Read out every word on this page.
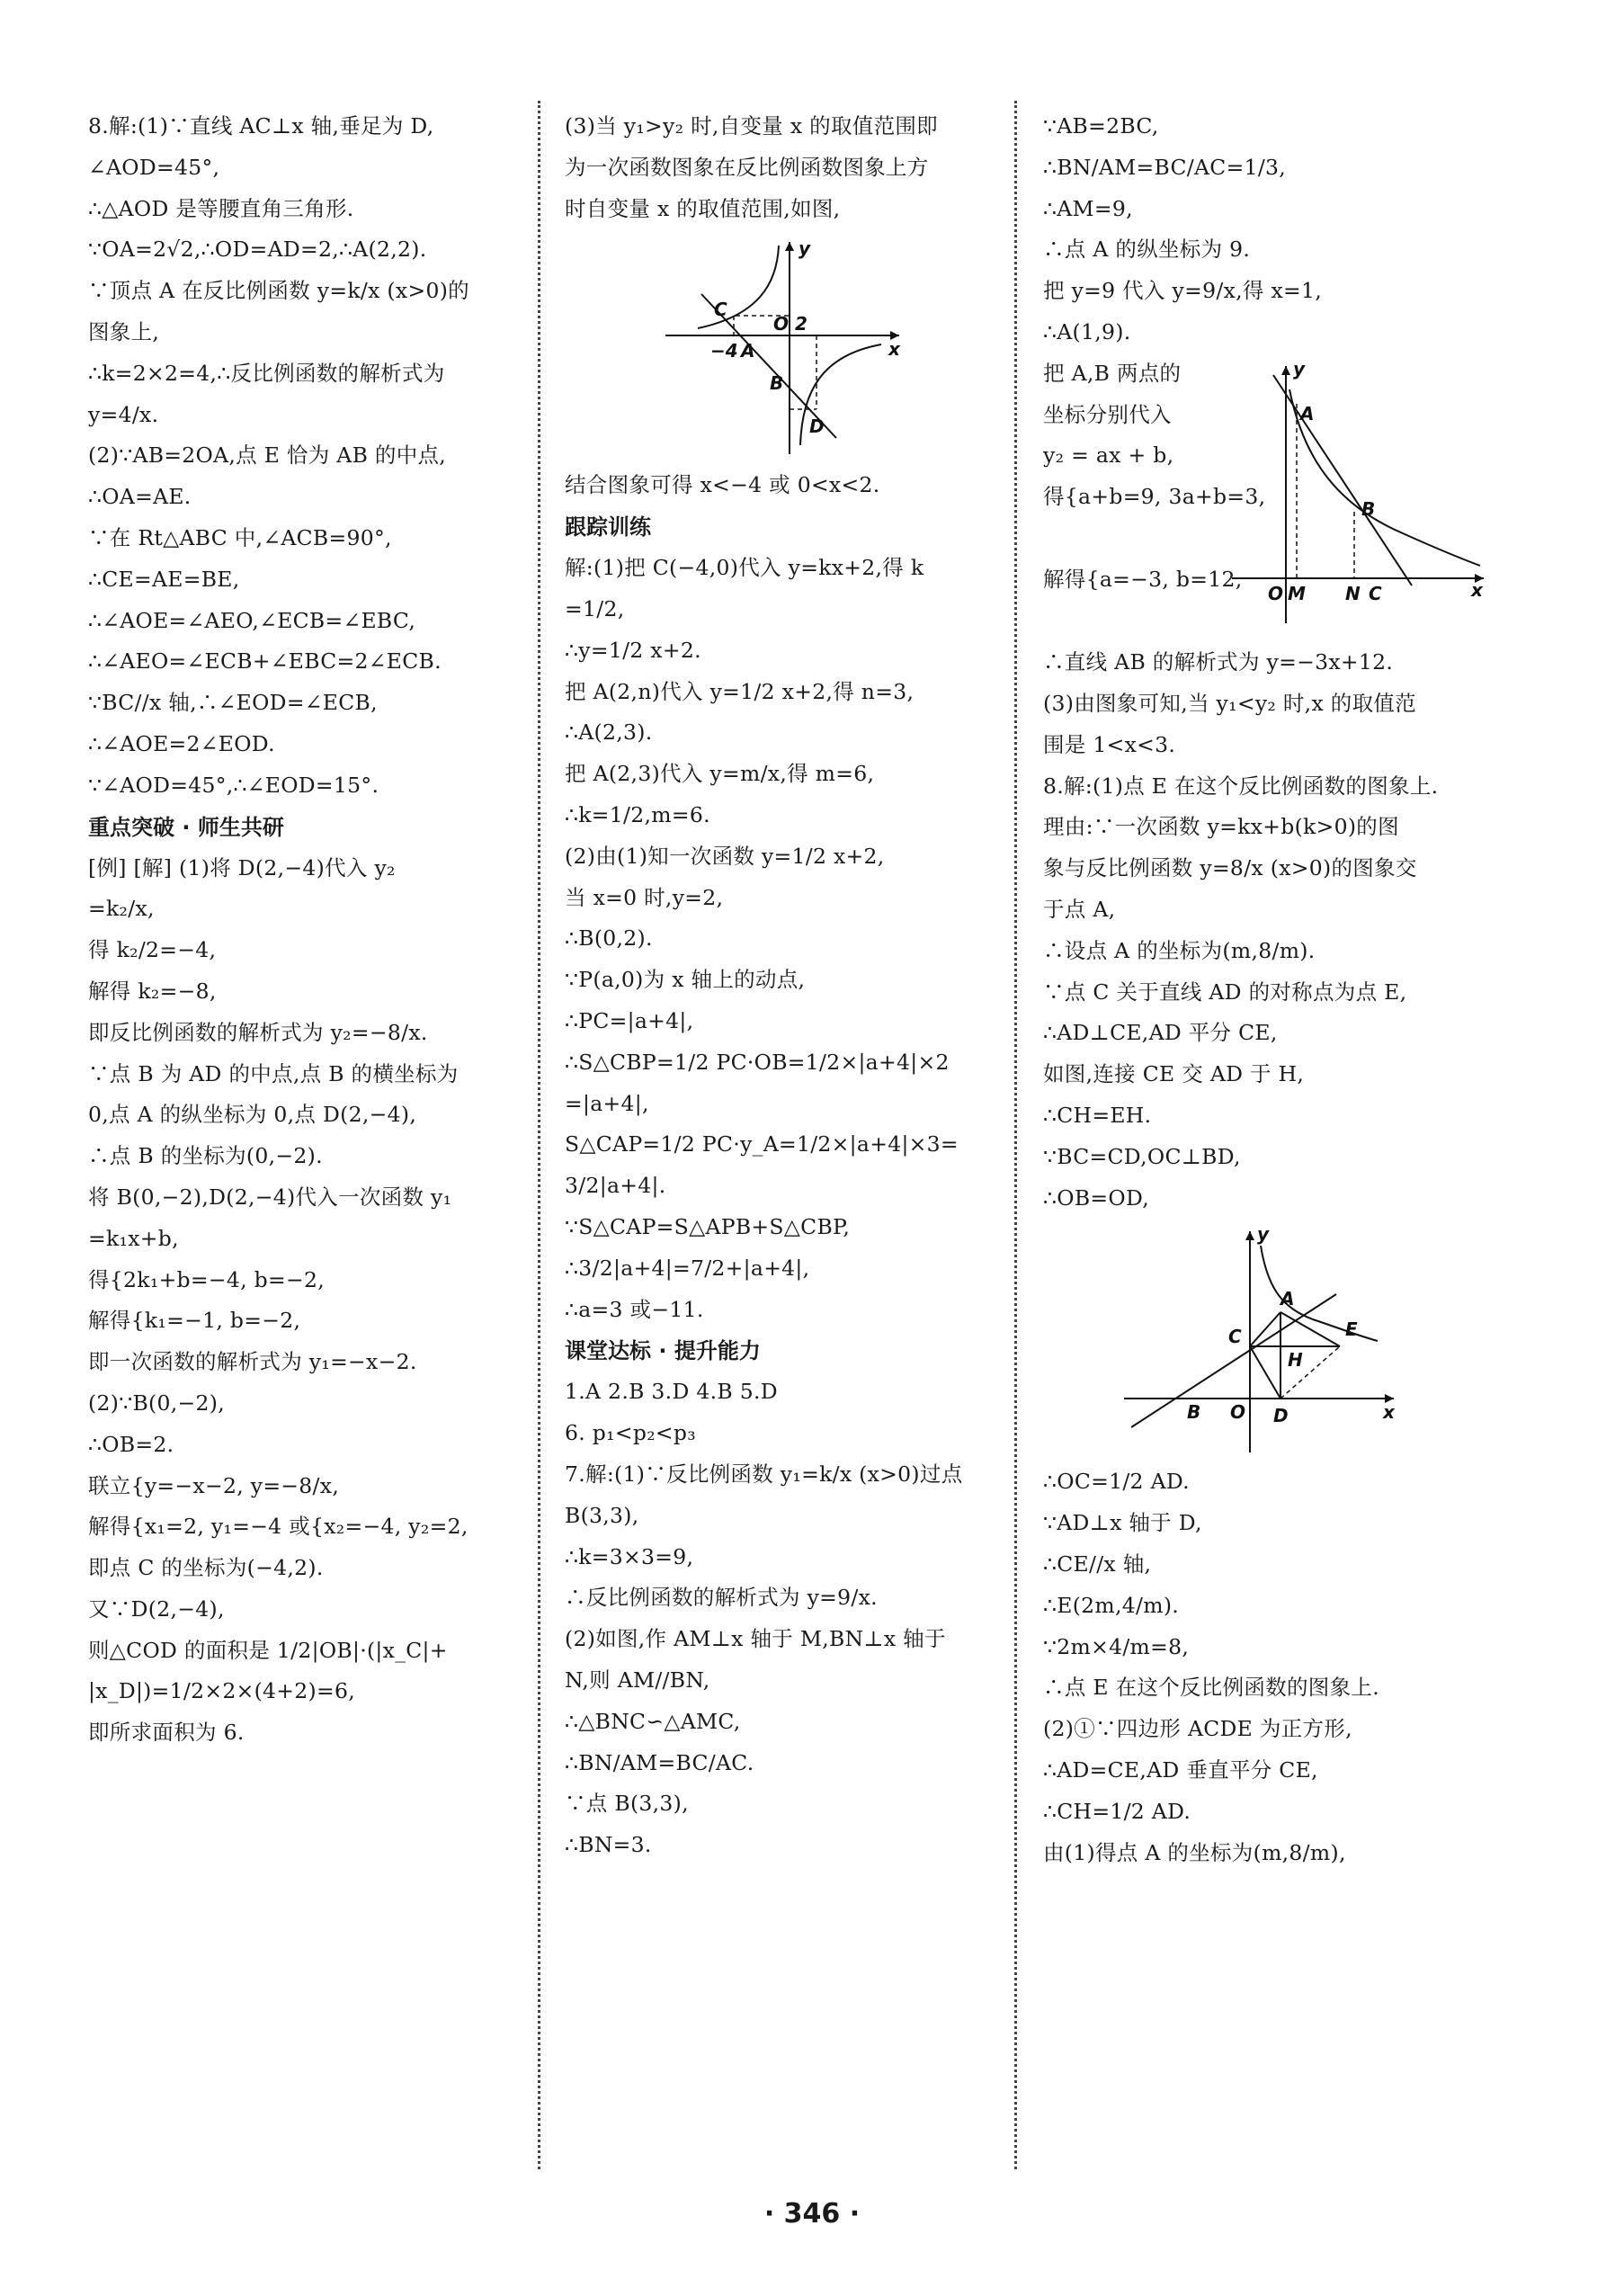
8.解:(1)∵直线 AC⊥x 轴,垂足为 D,
∠AOD=45°,
∴△AOD 是等腰直角三角形.
∵OA=2√2,∴OD=AD=2,∴A(2,2).
∵顶点 A 在反比例函数 y=k/x (x>0)的
图象上,
∴k=2×2=4,∴反比例函数的解析式为
y=4/x.
(2)∵AB=2OA,点 E 恰为 AB 的中点,
∴OA=AE.
∵在 Rt△ABC 中,∠ACB=90°,
∴CE=AE=BE,
∴∠AOE=∠AEO,∠ECB=∠EBC,
∴∠AEO=∠ECB+∠EBC=2∠ECB.
∵BC//x 轴,∴∠EOD=∠ECB,
∴∠AOE=2∠EOD.
∵∠AOD=45°,∴∠EOD=15°.
重点突破 · 师生共研
[例] [解] (1)将 D(2,−4)代入 y₂
=k₂/x,
得 k₂/2=−4,
解得 k₂=−8,
即反比例函数的解析式为 y₂=−8/x.
∵点 B 为 AD 的中点,点 B 的横坐标为
0,点 A 的纵坐标为 0,点 D(2,−4),
∴点 B 的坐标为(0,−2).
将 B(0,−2),D(2,−4)代入一次函数 y₁
=k₁x+b,
得{2k₁+b=−4, b=−2,
解得{k₁=−1, b=−2,
即一次函数的解析式为 y₁=−x−2.
(2)∵B(0,−2),
∴OB=2.
联立{y=−x−2, y=−8/x,
解得{x₁=2, y₁=−4 或{x₂=−4, y₂=2,
即点 C 的坐标为(−4,2).
又∵D(2,−4),
则△COD 的面积是 1/2|OB|·(|x_C|+
|x_D|)=1/2×2×(4+2)=6,
即所求面积为 6.
(3)当 y₁>y₂ 时,自变量 x 的取值范围即
为一次函数图象在反比例函数图象上方
时自变量 x 的取值范围,如图,
y
x
C
O 2
−4 A
B
D
结合图象可得 x<−4 或 0<x<2.
跟踪训练
解:(1)把 C(−4,0)代入 y=kx+2,得 k
=1/2,
∴y=1/2 x+2.
把 A(2,n)代入 y=1/2 x+2,得 n=3,
∴A(2,3).
把 A(2,3)代入 y=m/x,得 m=6,
∴k=1/2,m=6.
(2)由(1)知一次函数 y=1/2 x+2,
当 x=0 时,y=2,
∴B(0,2).
∵P(a,0)为 x 轴上的动点,
∴PC=|a+4|,
∴S△CBP=1/2 PC·OB=1/2×|a+4|×2
=|a+4|,
S△CAP=1/2 PC·y_A=1/2×|a+4|×3=
3/2|a+4|.
∵S△CAP=S△APB+S△CBP,
∴3/2|a+4|=7/2+|a+4|,
∴a=3 或−11.
课堂达标 · 提升能力
1.A 2.B 3.D 4.B 5.D
6. p₁<p₂<p₃
7.解:(1)∵反比例函数 y₁=k/x (x>0)过点
B(3,3),
∴k=3×3=9,
∴反比例函数的解析式为 y=9/x.
(2)如图,作 AM⊥x 轴于 M,BN⊥x 轴于
N,则 AM//BN,
∴△BNC∽△AMC,
∴BN/AM=BC/AC.
∵点 B(3,3),
∴BN=3.
∵AB=2BC,
∴BN/AM=BC/AC=1/3,
∴AM=9,
∴点 A 的纵坐标为 9.
把 y=9 代入 y=9/x,得 x=1,
∴A(1,9).
把 A,B 两点的
坐标分别代入
y₂ = ax + b,
得{a+b=9, 3a+b=3,
解得{a=−3, b=12,
y
A
B
O M N C	x
∴直线 AB 的解析式为 y=−3x+12.
(3)由图象可知,当 y₁<y₂ 时,x 的取值范
围是 1<x<3.
8.解:(1)点 E 在这个反比例函数的图象上.
理由:∵一次函数 y=kx+b(k>0)的图
象与反比例函数 y=8/x (x>0)的图象交
于点 A,
∴设点 A 的坐标为(m,8/m).
∵点 C 关于直线 AD 的对称点为点 E,
∴AD⊥CE,AD 平分 CE,
如图,连接 CE 交 AD 于 H,
∴CH=EH.
∵BC=CD,OC⊥BD,
∴OB=OD,
y
A
E
C
H
B O D	x
∴OC=1/2 AD.
∵AD⊥x 轴于 D,
∴CE//x 轴,
∴E(2m,4/m).
∵2m×4/m=8,
∴点 E 在这个反比例函数的图象上.
(2)①∵四边形 ACDE 为正方形,
∴AD=CE,AD 垂直平分 CE,
∴CH=1/2 AD.
由(1)得点 A 的坐标为(m,8/m),
· 346 ·
